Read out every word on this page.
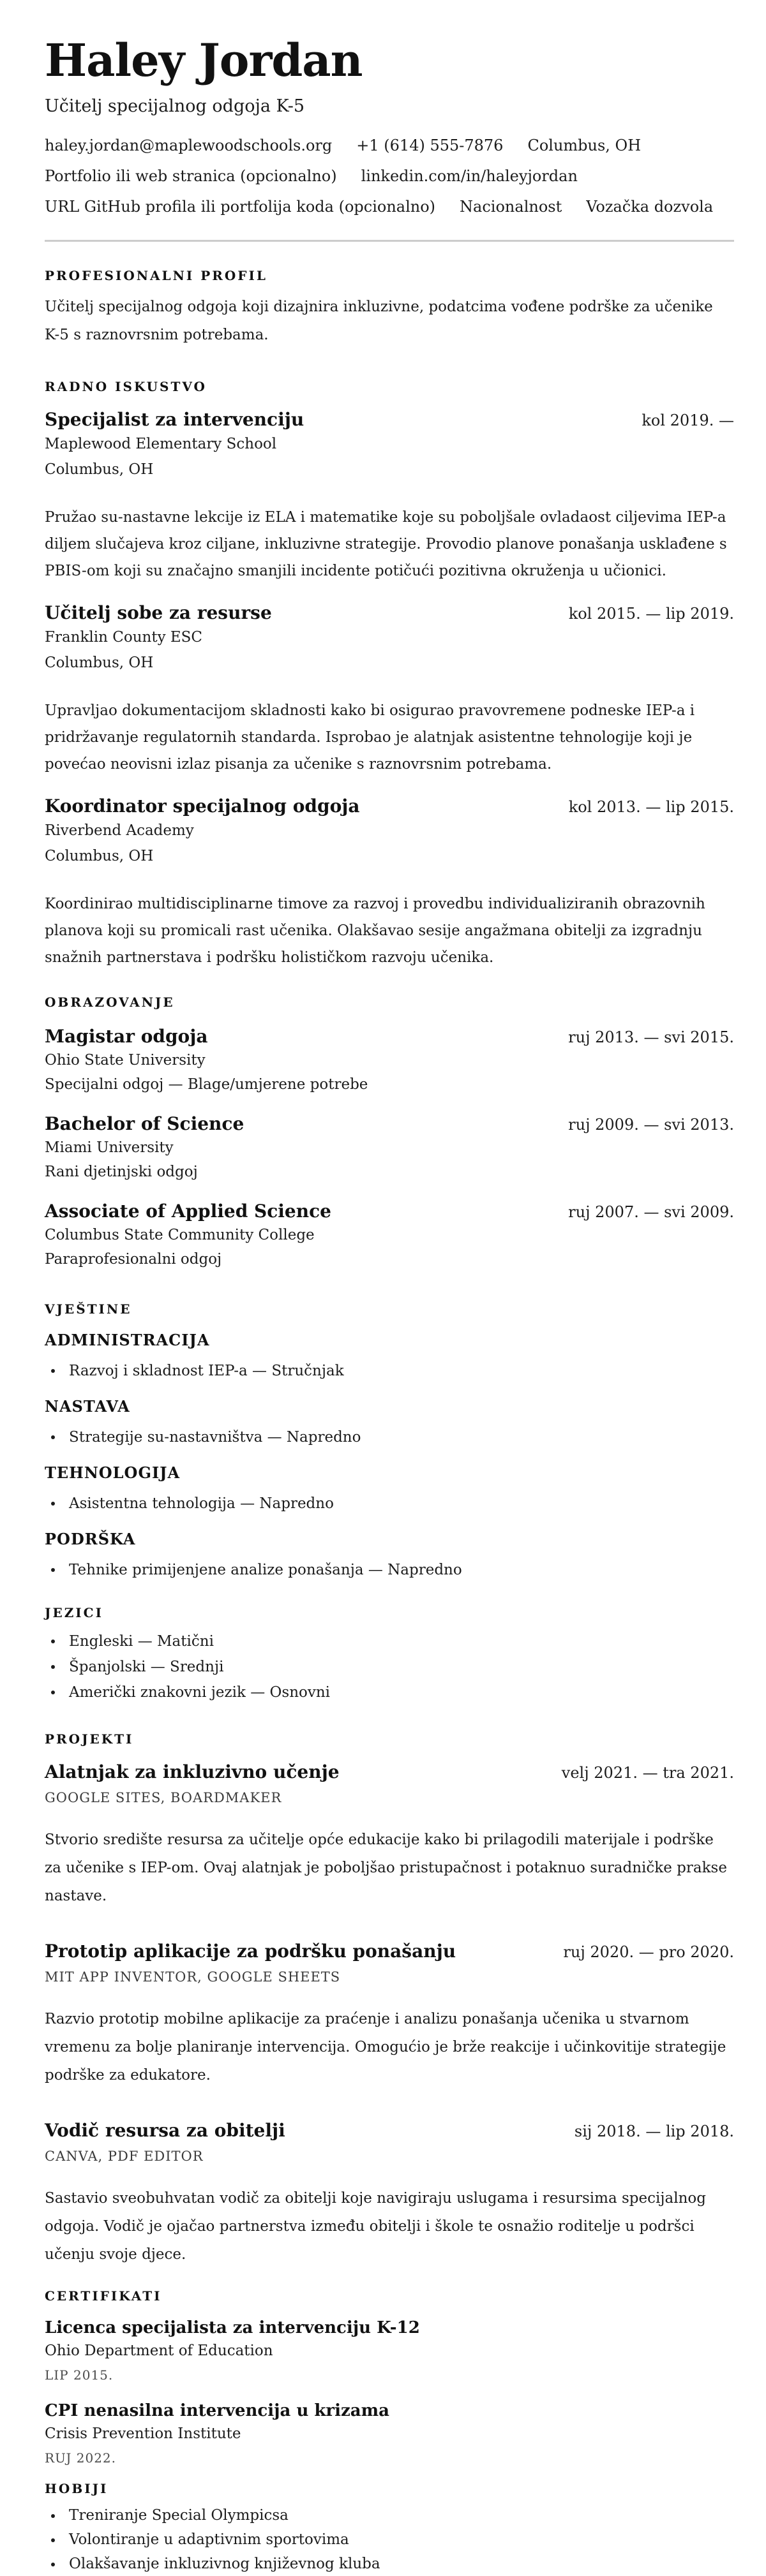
Haley Jordan
Učitelj specijalnog odgoja K-5
haley.jordan@maplewoodschools.org +1 (614) 555-7876 Columbus, OH
Portfolio ili web stranica (opcionalno) linkedin.com/in/haleyjordan
URL GitHub profila ili portfolija koda (opcionalno) Nacionalnost Vozačka dozvola
PROFESIONALNI PROFIL

Učitelj specijalnog odgoja koji dizajnira inkluzivne, podatcima vođene podrške za učenike K-5 s raznovrsnim potrebama.

RADNO ISKUSTVO
Specijalist za intervenciju	kol 2019. —
Maplewood Elementary School
Columbus, OH

Pružao su-nastavne lekcije iz ELA i matematike koje su poboljšale ovladaost ciljevima IEP-a diljem slučajeva kroz ciljane, inkluzivne strategije. Provodio planove ponašanja usklađene s PBIS-om koji su značajno smanjili incidente potičući pozitivna okruženja u učionici.

Učitelj sobe za resurse	kol 2015. — lip 2019.
Franklin County ESC
Columbus, OH

Upravljao dokumentacijom skladnosti kako bi osigurao pravovremene podneske IEP-a i pridržavanje regulatornih standarda. Isprobao je alatnjak asistentne tehnologije koji je povećao neovisni izlaz pisanja za učenike s raznovrsnim potrebama.

Koordinator specijalnog odgoja	kol 2013. — lip 2015.
Riverbend Academy
Columbus, OH

Koordinirao multidisciplinarne timove za razvoj i provedbu individualiziranih obrazovnih planova koji su promicali rast učenika. Olakšavao sesije angažmana obitelji za izgradnju snažnih partnerstava i podršku holističkom razvoju učenika.

OBRAZOVANJE
Magistar odgoja	ruj 2013. — svi 2015.
Ohio State University
Specijalni odgoj — Blage/umjerene potrebe
Bachelor of Science	ruj 2009. — svi 2013.
Miami University
Rani djetinjski odgoj
Associate of Applied Science	ruj 2007. — svi 2009.
Columbus State Community College
Paraprofesionalni odgoj
VJEŠTINE
ADMINISTRACIJA
Razvoj i skladnost IEP-a — Stručnjak
NASTAVA
Strategije su-nastavništva — Napredno
TEHNOLOGIJA
Asistentna tehnologija — Napredno
PODRŠKA
Tehnike primijenjene analize ponašanja — Napredno
JEZICI
Engleski — Matični
Španjolski — Srednji
Američki znakovni jezik — Osnovni
PROJEKTI
Alatnjak za inkluzivno učenje	velj 2021. — tra 2021.
GOOGLE SITES, BOARDMAKER

Stvorio središte resursa za učitelje opće edukacije kako bi prilagodili materijale i podrške za učenike s IEP-om. Ovaj alatnjak je poboljšao pristupačnost i potaknuo suradničke prakse nastave.

Prototip aplikacije za podršku ponašanju	ruj 2020. — pro 2020.
MIT APP INVENTOR, GOOGLE SHEETS

Razvio prototip mobilne aplikacije za praćenje i analizu ponašanja učenika u stvarnom vremenu za bolje planiranje intervencija. Omogućio je brže reakcije i učinkovitije strategije podrške za edukatore.

Vodič resursa za obitelji	sij 2018. — lip 2018.
CANVA, PDF EDITOR

Sastavio sveobuhvatan vodič za obitelji koje navigiraju uslugama i resursima specijalnog odgoja. Vodič je ojačao partnerstva između obitelji i škole te osnažio roditelje u podršci učenju svoje djece.

CERTIFIKATI
Licenca specijalista za intervenciju K-12
Ohio Department of Education
LIP 2015.
CPI nenasilna intervencija u krizama
Crisis Prevention Institute
RUJ 2022.
HOBIJI
Treniranje Special Olympicsa
Volontiranje u adaptivnim sportovima
Olakšavanje inkluzivnog književnog kluba
